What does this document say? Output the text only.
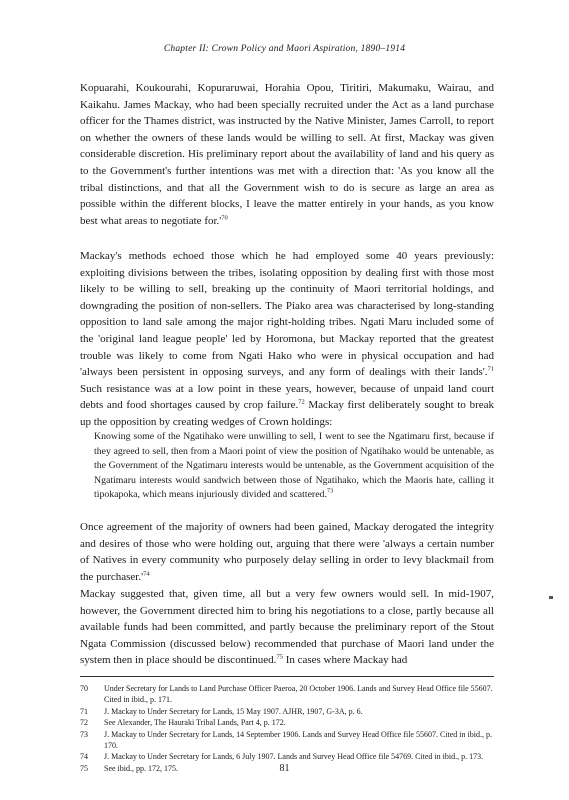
Chapter II: Crown Policy and Maori Aspiration, 1890–1914

Kopuarahi, Koukourahi, Kopuraruwai, Horahia Opou, Tiritiri, Makumaku, Wairau, and Kaikahu. James Mackay, who had been specially recruited under the Act as a land purchase officer for the Thames district, was instructed by the Native Minister, James Carroll, to report on whether the owners of these lands would be willing to sell. At first, Mackay was given considerable discretion. His preliminary report about the availability of land and his query as to the Government's further intentions was met with a direction that: 'As you know all the tribal distinctions, and that all the Government wish to do is secure as large an area as possible within the different blocks, I leave the matter entirely in your hands, as you know best what areas to negotiate $for.'^{70}$

Mackay's methods echoed those which he had employed some 40 years previously: exploiting divisions between the tribes, isolating opposition by dealing first with those most likely to be willing to sell, breaking up the continuity of Maori territorial holdings, and downgrading the position of non-sellers. The Piako area was characterised by long-standing opposition to land sale among the major right-holding tribes. Ngati Maru included some of the 'original land league people' led by Horomona, but Mackay reported that the greatest trouble was likely to come from Ngati Hako who were in physical occupation and had 'always been persistent in opposing surveys, and any form of dealings with their lands'.$^{71}$ Such resistance was at a low point in these years, however, because of unpaid land court debts and food shortages caused by crop failure.$^{72}$ Mackay first deliberately sought to break up the opposition by creating wedges of Crown holdings:

Knowing some of the Ngatihako were unwilling to sell, I went to see the Ngatimaru first, because if they agreed to sell, then from a Maori point of view the position of Ngatihako would be untenable, as the Government of the Ngatimaru interests would be untenable, as the Government acquisition of the Ngatimaru interests would sandwich between those of Ngatihako, which the Maoris hate, calling it tipokapoka, which means injuriously divided and scattered.$^{73}$

Once agreement of the majority of owners had been gained, Mackay derogated the integrity and desires of those who were holding out, arguing that there were 'always a certain number of Natives in every community who purposely delay selling in order to levy blackmail from the $purchaser.'^{74}$

Mackay suggested that, given time, all but a very few owners would sell. In mid-1907, however, the Government directed him to bring his negotiations to a close, partly because all available funds had been committed, and partly because the preliminary report of the Stout Ngata Commission (discussed below) recommended that purchase of Maori land under the system then in place should be discontinued.$^{75}$ In cases where Mackay had

70	Under Secretary for Lands to Land Purchase Officer Paeroa, 20 October 1906. Lands and Survey Head Office file 55607. Cited in ibid., p. 171.
71	J. Mackay to Under Secretary for Lands, 15 May 1907. AJHR, 1907, G-3A, p. 6.
72	See Alexander, The Hauraki Tribal Lands, Part 4, p. 172.
73	J. Mackay to Under Secretary for Lands, 14 September 1906. Lands and Survey Head Office file 55607. Cited in ibid., p. 170.
74	J. Mackay to Under Secretary for Lands, 6 July 1907. Lands and Survey Head Office file 54769. Cited in ibid., p. 173.
75	See ibid., pp. 172, 175.	81
